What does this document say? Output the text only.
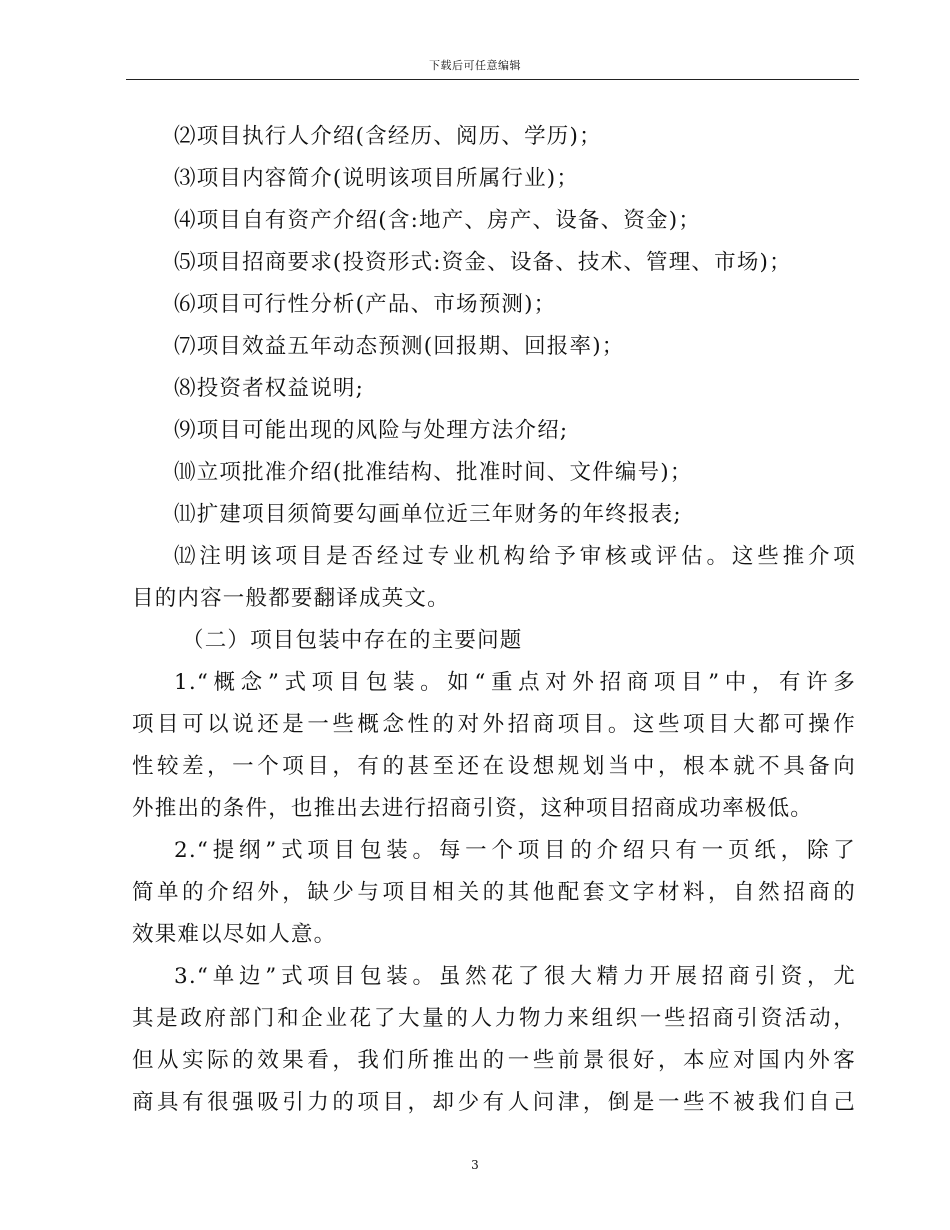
下载后可任意编辑
⑵项目执行人介绍(含经历、阅历、学历)；
⑶项目内容简介(说明该项目所属行业)；
⑷项目自有资产介绍(含:地产、房产、设备、资金)；
⑸项目招商要求(投资形式:资金、设备、技术、管理、市场)；
⑹项目可行性分析(产品、市场预测)；
⑺项目效益五年动态预测(回报期、回报率)；
⑻投资者权益说明;
⑼项目可能出现的风险与处理方法介绍;
⑽立项批准介绍(批准结构、批准时间、文件编号)；
⑾扩建项目须简要勾画单位近三年财务的年终报表;
⑿注明该项目是否经过专业机构给予审核或评估。这些推介项
目的内容一般都要翻译成英文。
（二）项目包装中存在的主要问题
1.“概念”式项目包装。如“重点对外招商项目”中，有许多
项目可以说还是一些概念性的对外招商项目。这些项目大都可操作
性较差，一个项目，有的甚至还在设想规划当中，根本就不具备向
外推出的条件，也推出去进行招商引资，这种项目招商成功率极低。
2.“提纲”式项目包装。每一个项目的介绍只有一页纸，除了
简单的介绍外，缺少与项目相关的其他配套文字材料，自然招商的
效果难以尽如人意。
3.“单边”式项目包装。虽然花了很大精力开展招商引资，尤
其是政府部门和企业花了大量的人力物力来组织一些招商引资活动，
但从实际的效果看，我们所推出的一些前景很好，本应对国内外客
商具有很强吸引力的项目，却少有人问津，倒是一些不被我们自己
3
